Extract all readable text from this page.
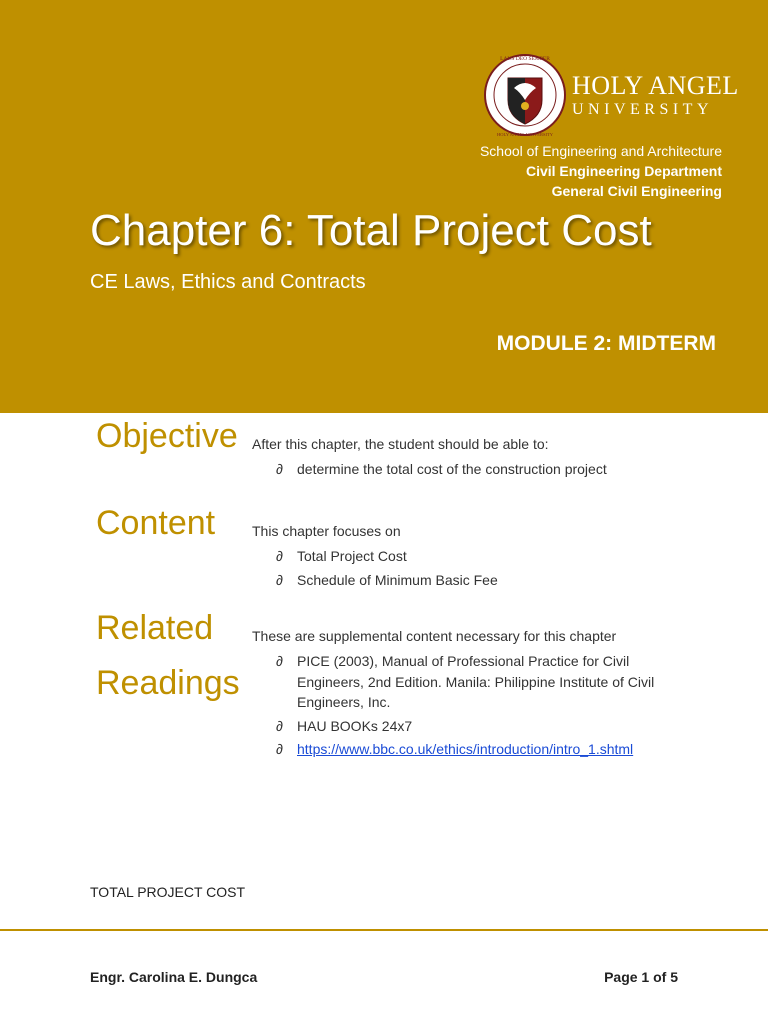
LAUS DEO SEMPER
HOLY ANGEL UNIVERSITY
HOLY ANGEL
UNIVERSITY
School of Engineering and Architecture
Civil Engineering Department
General Civil Engineering
Chapter 6: Total Project Cost
CE Laws, Ethics and Contracts
MODULE 2: MIDTERM
Objective After this chapter, the student should be able to:
∂ determine the total cost of the construction project
Content	This chapter focuses on
∂ Total Project Cost
∂ Schedule of Minimum Basic Fee
Related
Readings
These are supplemental content necessary for this chapter
∂ PICE (2003), Manual of Professional Practice for Civil Engineers, 2nd Edition. Manila: Philippine Institute of Civil Engineers, Inc.
∂ HAU BOOKs 24x7
∂ https://www.bbc.co.uk/ethics/introduction/intro_1.shtml
TOTAL PROJECT COST
Engr. Carolina E. Dungca	Page 1 of 5
